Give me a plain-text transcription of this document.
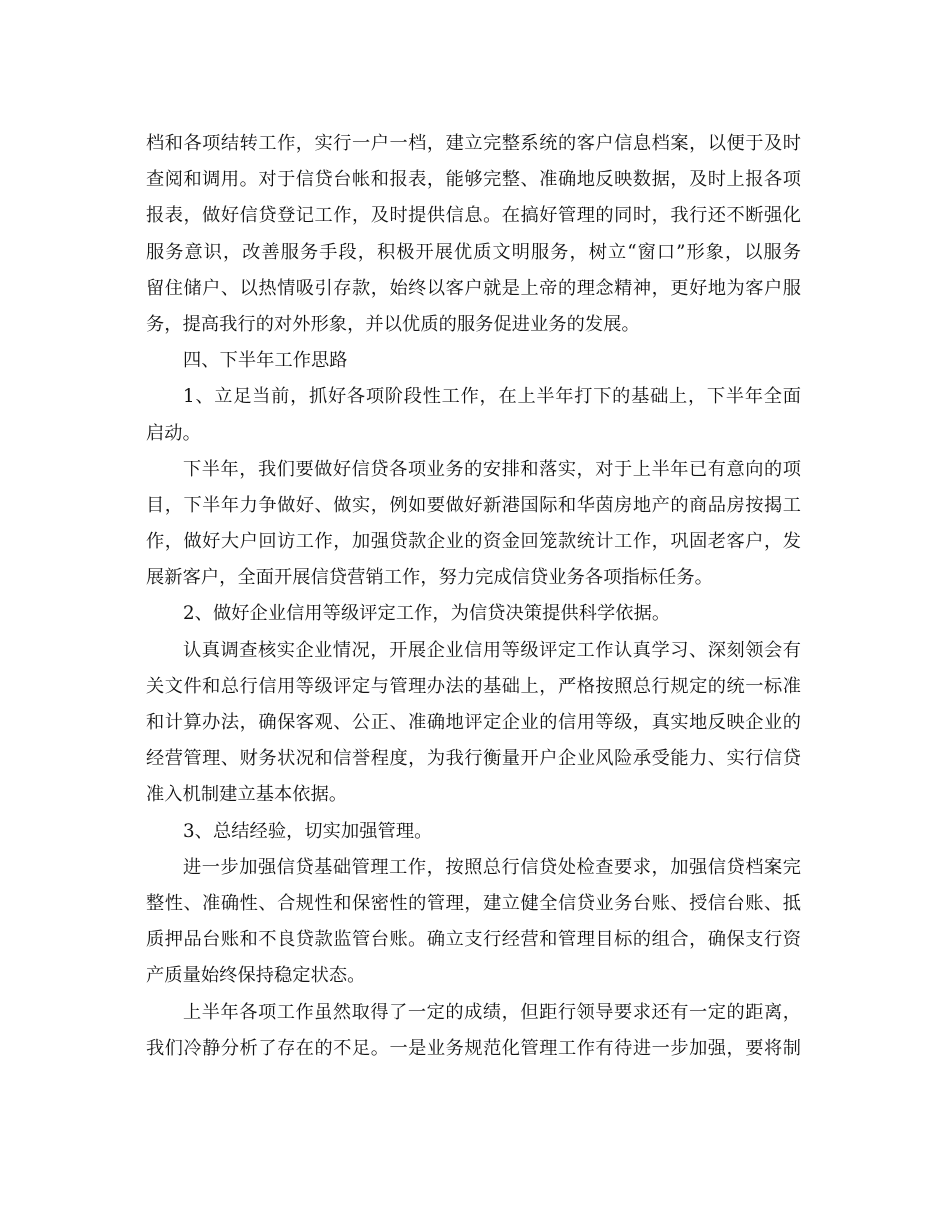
档和各项结转工作，实行一户一档，建立完整系统的客户信息档案，以便于及时
查阅和调用。对于信贷台帐和报表，能够完整、准确地反映数据，及时上报各项
报表，做好信贷登记工作，及时提供信息。在搞好管理的同时，我行还不断强化
服务意识，改善服务手段，积极开展优质文明服务，树立“窗口”形象，以服务
留住储户、以热情吸引存款，始终以客户就是上帝的理念精神，更好地为客户服
务，提高我行的对外形象，并以优质的服务促进业务的发展。
四、下半年工作思路
1、立足当前，抓好各项阶段性工作，在上半年打下的基础上，下半年全面
启动。
下半年，我们要做好信贷各项业务的安排和落实，对于上半年已有意向的项
目，下半年力争做好、做实，例如要做好新港国际和华茵房地产的商品房按揭工
作，做好大户回访工作，加强贷款企业的资金回笼款统计工作，巩固老客户，发
展新客户，全面开展信贷营销工作，努力完成信贷业务各项指标任务。
2、做好企业信用等级评定工作，为信贷决策提供科学依据。
认真调查核实企业情况，开展企业信用等级评定工作认真学习、深刻领会有
关文件和总行信用等级评定与管理办法的基础上，严格按照总行规定的统一标准
和计算办法，确保客观、公正、准确地评定企业的信用等级，真实地反映企业的
经营管理、财务状况和信誉程度，为我行衡量开户企业风险承受能力、实行信贷
准入机制建立基本依据。
3、总结经验，切实加强管理。
进一步加强信贷基础管理工作，按照总行信贷处检查要求，加强信贷档案完
整性、准确性、合规性和保密性的管理，建立健全信贷业务台账、授信台账、抵
质押品台账和不良贷款监管台账。确立支行经营和管理目标的组合，确保支行资
产质量始终保持稳定状态。
上半年各项工作虽然取得了一定的成绩，但距行领导要求还有一定的距离，
我们冷静分析了存在的不足。一是业务规范化管理工作有待进一步加强，要将制
